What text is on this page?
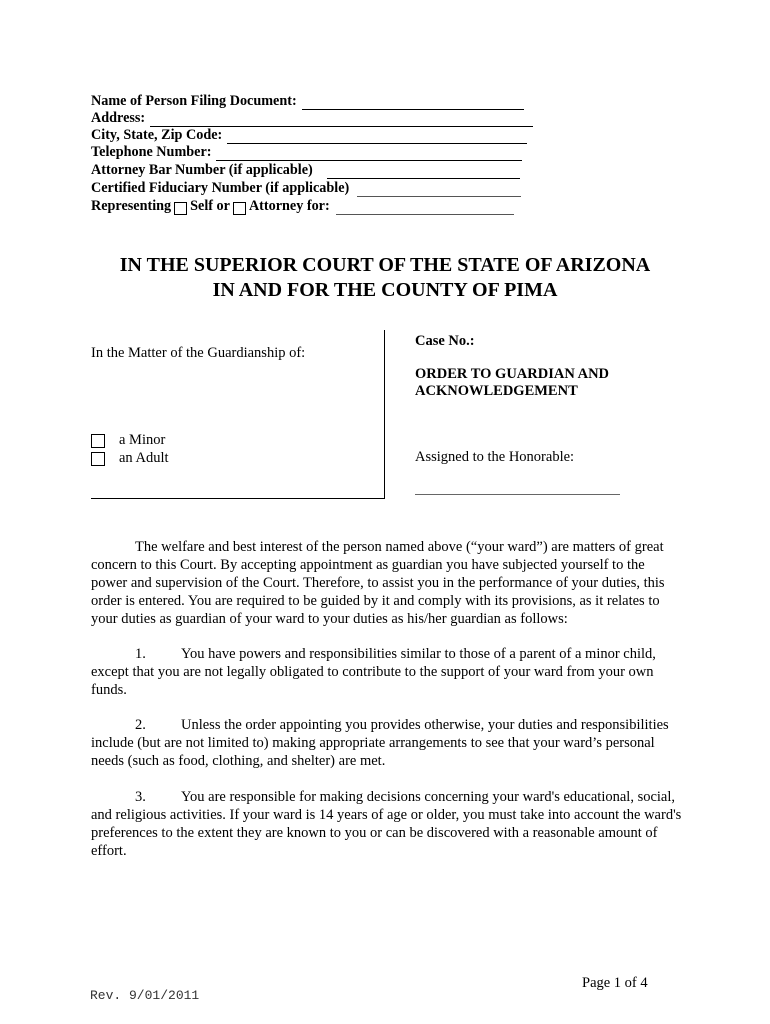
Name of Person Filing Document:
Address:
City, State, Zip Code:
Telephone Number:
Attorney Bar Number (if applicable)
Certified Fiduciary Number (if applicable)
Representing Self or Attorney for:
IN THE SUPERIOR COURT OF THE STATE OF ARIZONA
IN AND FOR THE COUNTY OF PIMA
In the Matter of the Guardianship of:
a Minor
an Adult
Case No.:
ORDER TO GUARDIAN AND
ACKNOWLEDGEMENT
Assigned to the Honorable:

The welfare and best interest of the person named above (“your ward”) are matters of great concern to this Court. By accepting appointment as guardian you have subjected yourself to the power and supervision of the Court. Therefore, to assist you in the performance of your duties, this order is entered. You are required to be guided by it and comply with its provisions, as it relates to your duties as guardian of your ward to your duties as his/her guardian as follows:

1. You have powers and responsibilities similar to those of a parent of a minor child, except that you are not legally obligated to contribute to the support of your ward from your own funds.

2. Unless the order appointing you provides otherwise, your duties and responsibilities include (but are not limited to) making appropriate arrangements to see that your ward’s personal needs (such as food, clothing, and shelter) are met.

3. You are responsible for making decisions concerning your ward's educational, social, and religious activities. If your ward is 14 years of age or older, you must take into account the ward's preferences to the extent they are known to you or can be discovered with a reasonable amount of effort.

Page 1 of 4
Rev. 9/01/2011
